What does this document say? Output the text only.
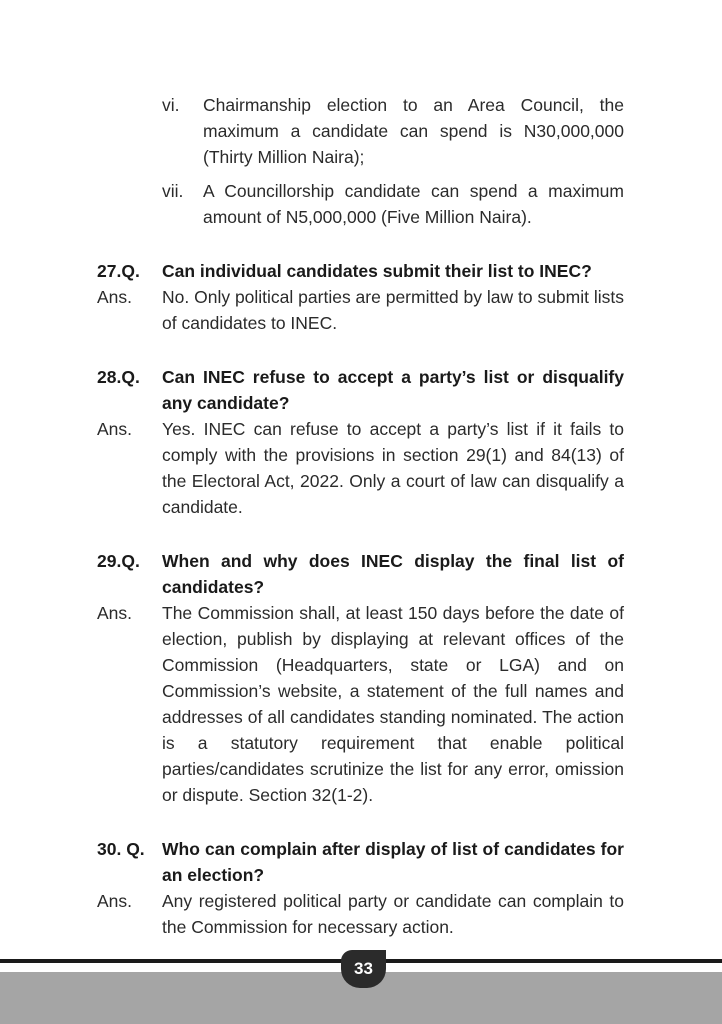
vi.	Chairmanship election to an Area Council, the maximum a candidate can spend is N30,000,000 (Thirty Million Naira);
vii.	A Councillorship candidate can spend a maximum amount of N5,000,000 (Five Million Naira).
27.Q.	Can individual candidates submit their list to INEC?
Ans.	No. Only political parties are permitted by law to submit lists of candidates to INEC.
28.Q.	Can INEC refuse to accept a party’s list or disqualify any candidate?
Ans.	Yes. INEC can refuse to accept a party’s list if it fails to comply with the provisions in section 29(1) and 84(13) of the Electoral Act, 2022. Only a court of law can disqualify a candidate.
29.Q.	When and why does INEC display the final list of candidates?
Ans.	The Commission shall, at least 150 days before the date of election, publish by displaying at relevant offices of the Commission (Headquarters, state or LGA) and on Commission’s website, a statement of the full names and addresses of all candidates standing nominated. The action is a statutory requirement that enable political parties/candidates scrutinize the list for any error, omission or dispute. Section 32(1-2).
30. Q. Who can complain after display of list of candidates for an election?
Ans.	Any registered political party or candidate can complain to the Commission for necessary action.
33
